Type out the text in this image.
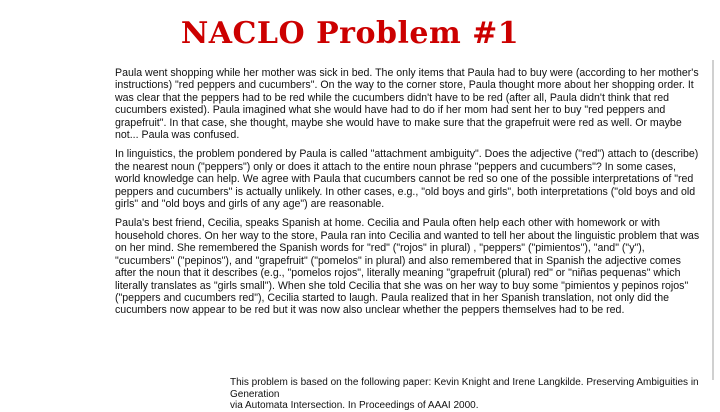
NACLO Problem #1

Paula went shopping while her mother was sick in bed. The only items that Paula had to buy were (according to her mother's instructions) "red peppers and cucumbers". On the way to the corner store, Paula thought more about her shopping order. It was clear that the peppers had to be red while the cucumbers didn't have to be red (after all, Paula didn't think that red cucumbers existed). Paula imagined what she would have had to do if her mom had sent her to buy "red peppers and grapefruit". In that case, she thought, maybe she would have to make sure that the grapefruit were red as well. Or maybe not... Paula was confused.

In linguistics, the problem pondered by Paula is called "attachment ambiguity". Does the adjective ("red") attach to (describe) the nearest noun ("peppers") only or does it attach to the entire noun phrase "peppers and cucumbers"? In some cases, world knowledge can help. We agree with Paula that cucumbers cannot be red so one of the possible interpretations of "red peppers and cucumbers" is actually unlikely. In other cases, e.g., "old boys and girls", both interpretations ("old boys and old girls" and "old boys and girls of any age") are reasonable.

Paula's best friend, Cecilia, speaks Spanish at home. Cecilia and Paula often help each other with homework or with household chores. On her way to the store, Paula ran into Cecilia and wanted to tell her about the linguistic problem that was on her mind. She remembered the Spanish words for "red" ("rojos" in plural) , "peppers" ("pimientos"), "and" ("y"), "cucumbers" ("pepinos"), and "grapefruit" ("pomelos" in plural) and also remembered that in Spanish the adjective comes after the noun that it describes (e.g., "pomelos rojos", literally meaning "grapefruit (plural) red" or "niñas pequenas" which literally translates as "girls small"). When she told Cecilia that she was on her way to buy some "pimientos y pepinos rojos" ("peppers and cucumbers red"), Cecilia started to laugh. Paula realized that in her Spanish translation, not only did the cucumbers now appear to be red but it was now also unclear whether the peppers themselves had to be red.

This problem is based on the following paper: Kevin Knight and Irene Langkilde. Preserving Ambiguities in Generation
via Automata Intersection. In Proceedings of AAAI 2000.
